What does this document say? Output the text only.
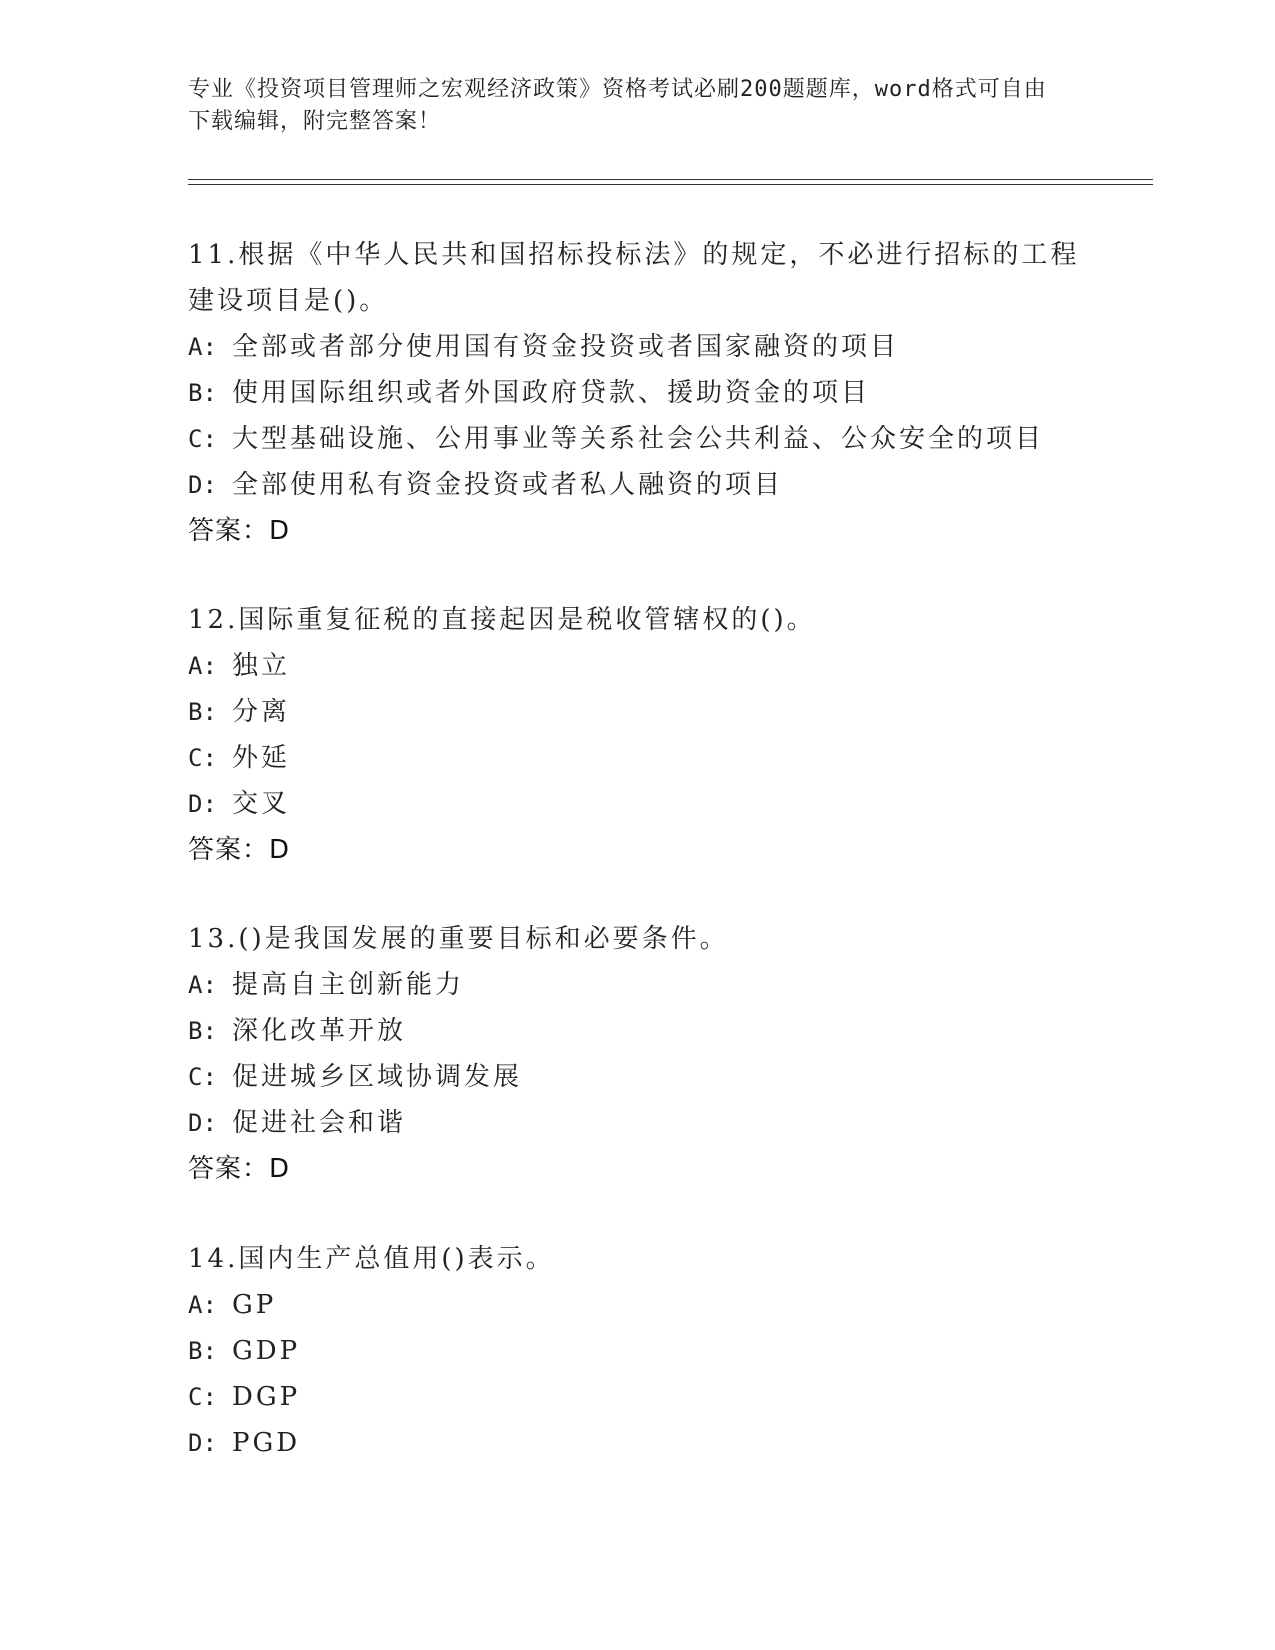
专业《投资项目管理师之宏观经济政策》资格考试必刷200题题库，word格式可自由下载编辑，附完整答案！
11.根据《中华人民共和国招标投标法》的规定，不必进行招标的工程建设项目是()。
A: 全部或者部分使用国有资金投资或者国家融资的项目
B: 使用国际组织或者外国政府贷款、援助资金的项目
C: 大型基础设施、公用事业等关系社会公共利益、公众安全的项目
D: 全部使用私有资金投资或者私人融资的项目
答案：D
12.国际重复征税的直接起因是税收管辖权的()。
A: 独立
B: 分离
C: 外延
D: 交叉
答案：D
13.()是我国发展的重要目标和必要条件。
A: 提高自主创新能力
B: 深化改革开放
C: 促进城乡区域协调发展
D: 促进社会和谐
答案：D
14.国内生产总值用()表示。
A: GP
B: GDP
C: DGP
D: PGD
